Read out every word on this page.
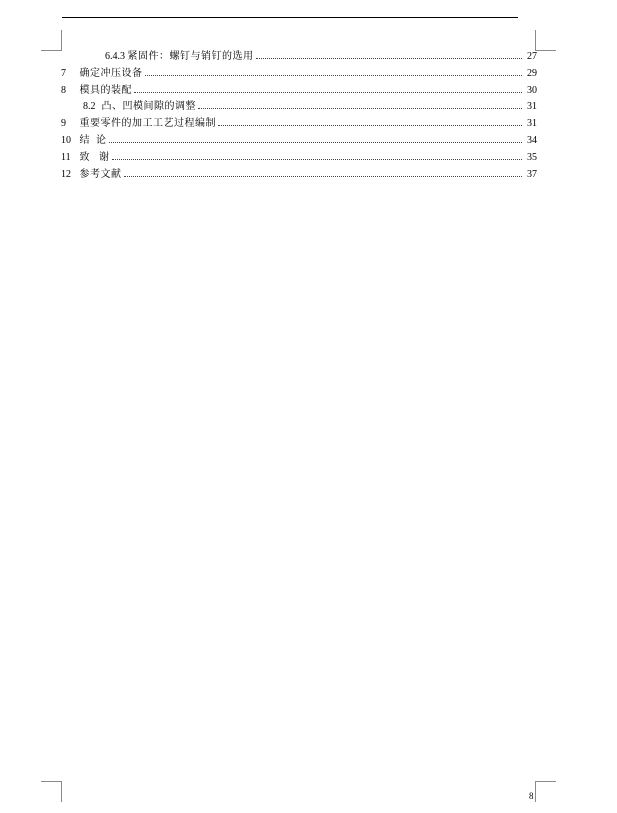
6.4.3 紧固件：螺钉与销钉的选用	27
7 确定冲压设备	29
8 模具的装配	30
8.2 凸、凹模间隙的调整	31
9 重要零件的加工工艺过程编制	31
10 结  论	34
11 致   谢	35
12 参考文献	37
8
